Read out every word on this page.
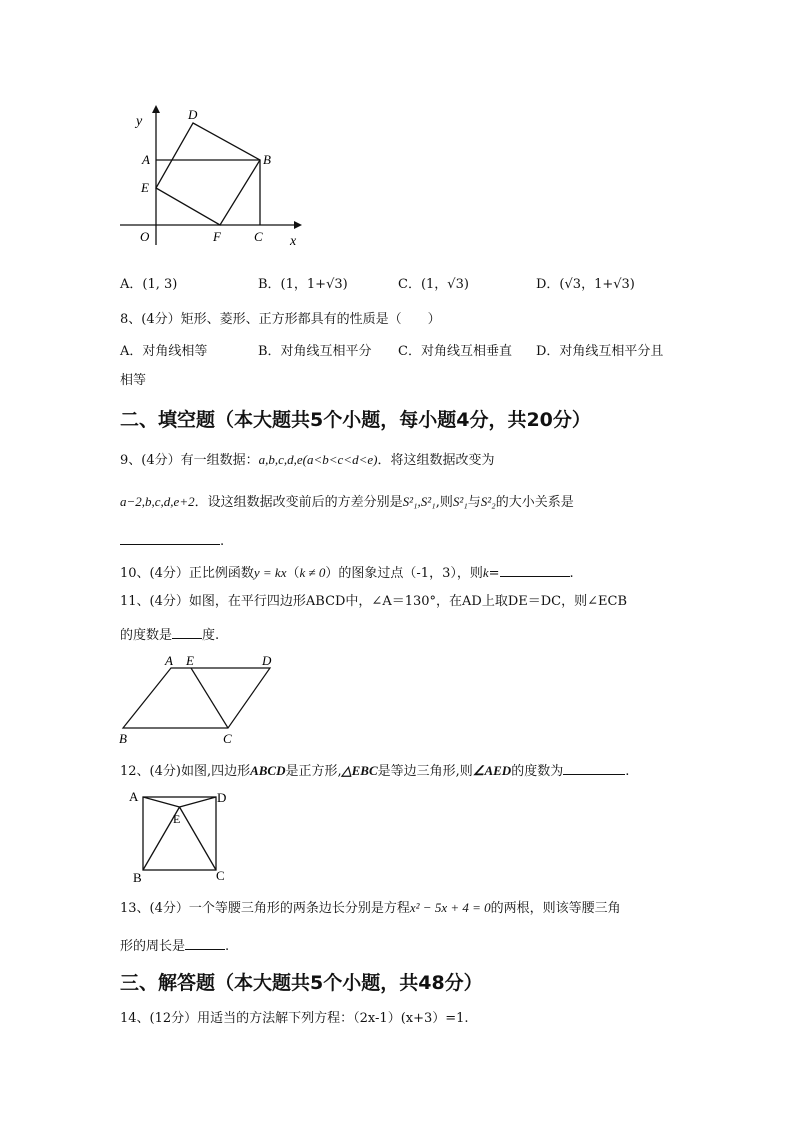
y
x
D
A	B
E
O	F	C
A．(1, 3)	B．(1，1+√3)	C．(1，√3)	D．(√3，1+√3)
8、(4分）矩形、菱形、正方形都具有的性质是（　　）
A．对角线相等	B．对角线互相平分 C．对角线互相垂直 D．对角线互相平分且
相等
二、填空题（本大题共5个小题，每小题4分，共20分）
9、(4分）有一组数据：a,b,c,d,e(a<b<c<d<e)．将这组数据改变为
a−2,b,c,d,e+2．设这组数据改变前后的方差分别是S²₁,S²₁,则S²₁与S²₂的大小关系是
.
10、(4分）正比例函数y = kx（k ≠ 0）的图象过点（-1，3），则k=	.
11、(4分）如图，在平行四边形ABCD中，∠A＝130°，在AD上取DE＝DC，则∠ECB
的度数是 度.
A E	D
B	C
12、(4分)如图,四边形ABCD是正方形,△EBC是等边三角形,则∠AED的度数为	.
A	D
E
B	C
13、(4分）一个等腰三角形的两条边长分别是方程x² − 5x + 4 = 0的两根，则该等腰三角
形的周长是	.
三、解答题（本大题共5个小题，共48分）
14、(12分）用适当的方法解下列方程：（2x-1）(x+3）=1.
